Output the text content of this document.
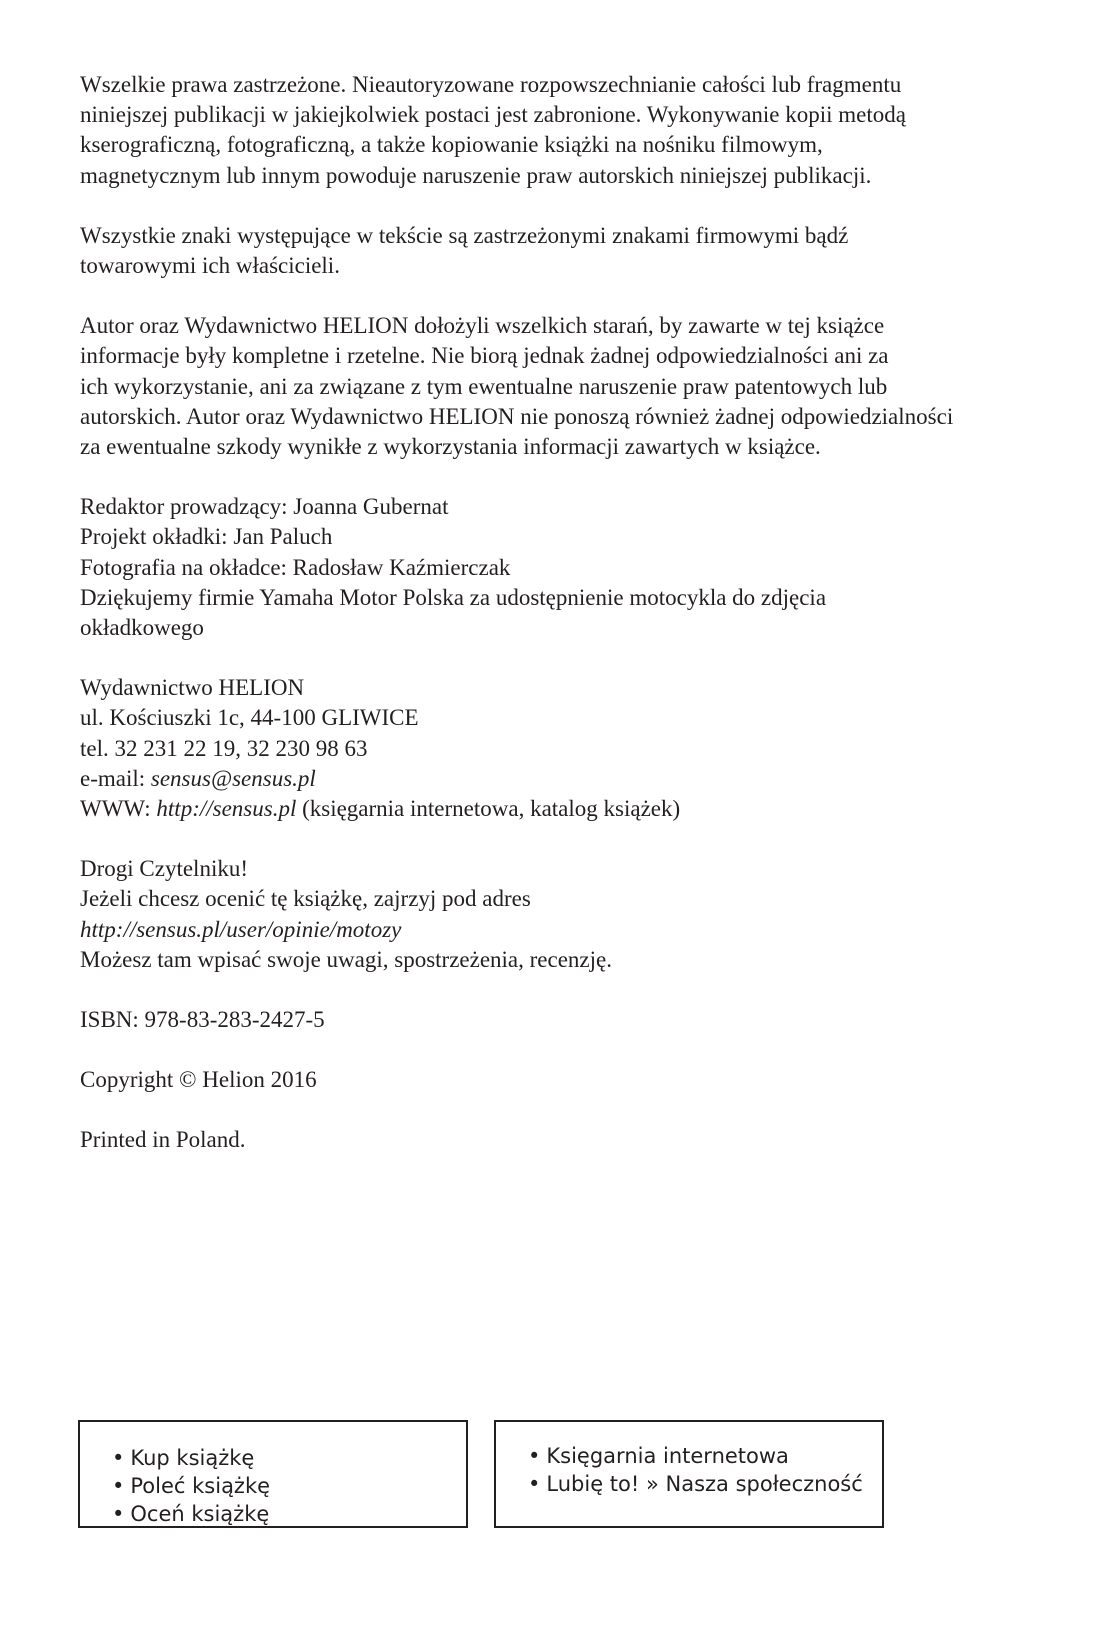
Wszelkie prawa zastrzeżone. Nieautoryzowane rozpowszechnianie całości lub fragmentu
niniejszej publikacji w jakiejkolwiek postaci jest zabronione. Wykonywanie kopii metodą
kserograficzną, fotograficzną, a także kopiowanie książki na nośniku filmowym,
magnetycznym lub innym powoduje naruszenie praw autorskich niniejszej publikacji.

Wszystkie znaki występujące w tekście są zastrzeżonymi znakami firmowymi bądź
towarowymi ich właścicieli.

Autor oraz Wydawnictwo HELION dołożyli wszelkich starań, by zawarte w tej książce
informacje były kompletne i rzetelne. Nie biorą jednak żadnej odpowiedzialności ani za
ich wykorzystanie, ani za związane z tym ewentualne naruszenie praw patentowych lub
autorskich. Autor oraz Wydawnictwo HELION nie ponoszą również żadnej odpowiedzialności
za ewentualne szkody wynikłe z wykorzystania informacji zawartych w książce.

Redaktor prowadzący: Joanna Gubernat
Projekt okładki: Jan Paluch
Fotografia na okładce: Radosław Kaźmierczak
Dziękujemy firmie Yamaha Motor Polska za udostępnienie motocykla do zdjęcia
okładkowego

Wydawnictwo HELION
ul. Kościuszki 1c, 44-100 GLIWICE
tel. 32 231 22 19, 32 230 98 63
e-mail: sensus@sensus.pl
WWW: http://sensus.pl (księgarnia internetowa, katalog książek)

Drogi Czytelniku!
Jeżeli chcesz ocenić tę książkę, zajrzyj pod adres
http://sensus.pl/user/opinie/motozy
Możesz tam wpisać swoje uwagi, spostrzeżenia, recenzję.

ISBN: 978-83-283-2427-5

Copyright © Helion 2016

Printed in Poland.

• Kup książkę
• Poleć książkę
• Oceń książkę
• Księgarnia internetowa
• Lubię to! » Nasza społeczność
